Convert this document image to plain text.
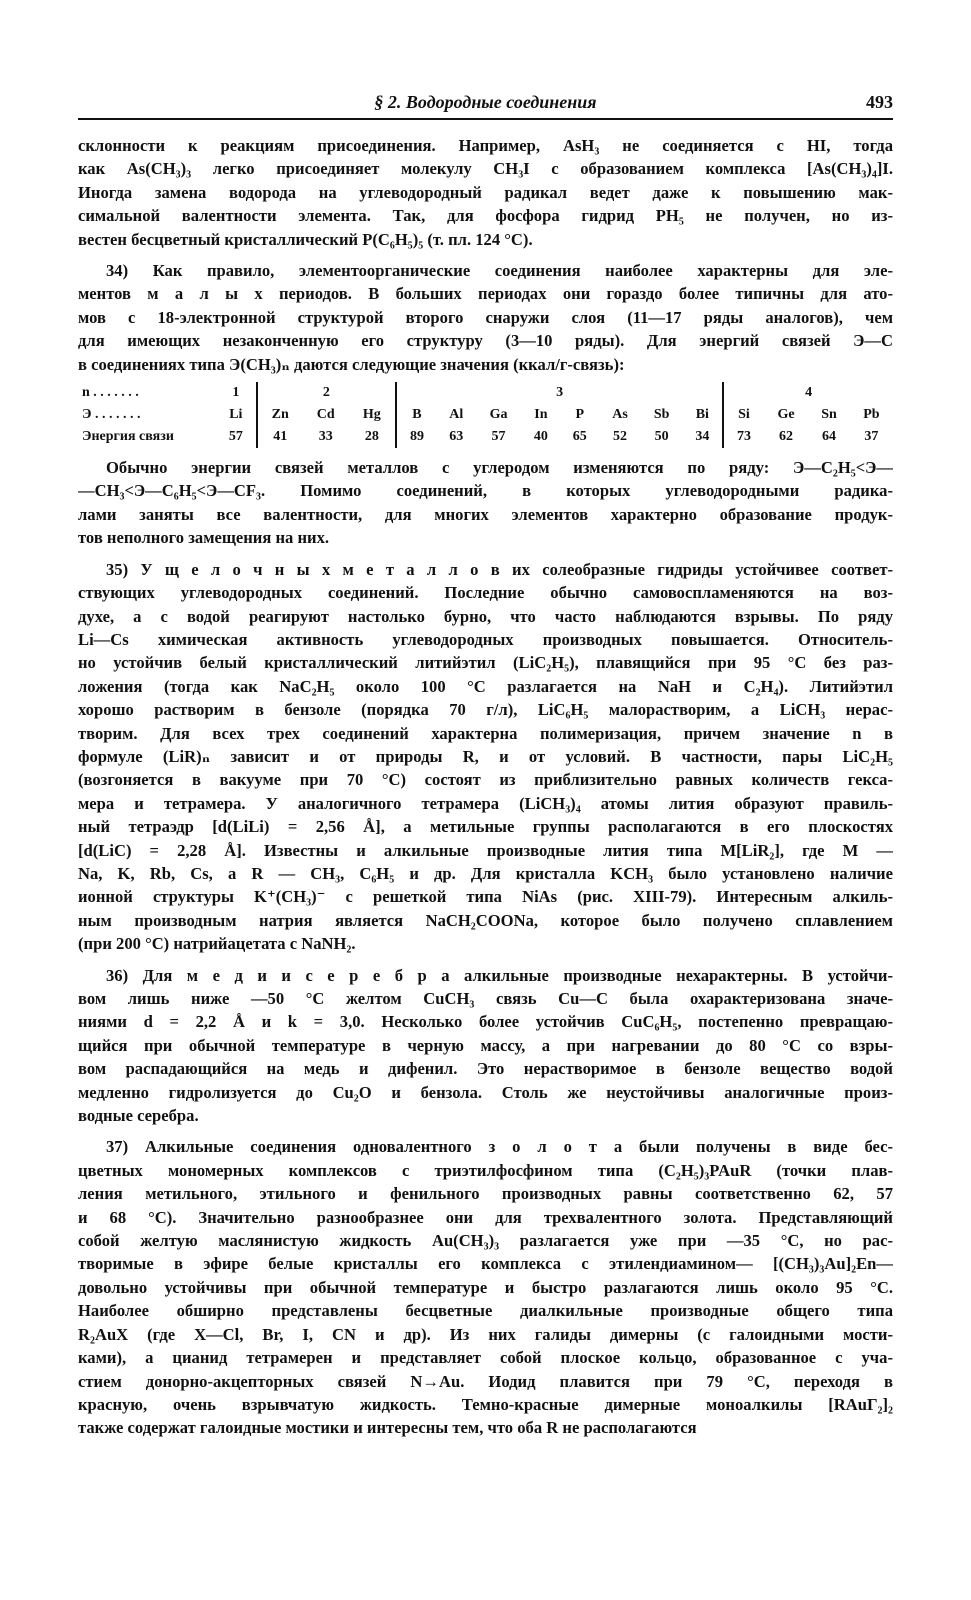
§ 2. Водородные соединения	493
склонности к реакциям присоединения. Например, AsH₃ не соединяется с HI, тогда
как As(CH₃)₃ легко присоединяет молекулу CH₃I с образованием комплекса [As(CH₃)₄]I.
Иногда замена водорода на углеводородный радикал ведет даже к повышению мак-
симальной валентности элемента. Так, для фосфора гидрид PH₅ не получен, но из-
вестен бесцветный кристаллический P(C₆H₅)₅ (т. пл. 124 °C).
34) Как правило, элементоорганические соединения наиболее характерны для эле-
ментов м а л ы х периодов. В больших периодах они гораздо более типичны для ато-
мов с 18-электронной структурой второго снаружи слоя (11—17 ряды аналогов), чем
для имеющих незаконченную его структуру (3—10 ряды). Для энергий связей Э—C
в соединениях типа Э(CH₃)ₙ даются следующие значения (ккал/г-связь):
n . . . . . . .	1	2			3								4			
Э . . . . . . .	Li	Zn	Cd	Hg	B	Al	Ga	In	P	As	Sb	Bi	Si	Ge	Sn	Pb
Энергия связи	57	41	33	28	89	63	57	40	65	52	50	34	73	62	64	37
Обычно энергии связей металлов с углеродом изменяются по ряду: Э—C₂H₅<Э—
—CH₃<Э—C₆H₅<Э—CF₃. Помимо соединений, в которых углеводородными радика-
лами заняты все валентности, для многих элементов характерно образование продук-
тов неполного замещения на них.
35) У щ е л о ч н ы х м е т а л л о в их солеобразные гидриды устойчивее соответ-
ствующих углеводородных соединений. Последние обычно самовоспламеняются на воз-
духе, а с водой реагируют настолько бурно, что часто наблюдаются взрывы. По ряду
Li—Cs химическая активность углеводородных производных повышается. Относитель-
но устойчив белый кристаллический литийэтил (LiC₂H₅), плавящийся при 95 °C без раз-
ложения (тогда как NaC₂H₅ около 100 °C разлагается на NaH и C₂H₄). Литийэтил
хорошо растворим в бензоле (порядка 70 г/л), LiC₆H₅ малорастворим, а LiCH₃ нерас-
творим. Для всех трех соединений характерна полимеризация, причем значение n в
формуле (LiR)ₙ зависит и от природы R, и от условий. В частности, пары LiC₂H₅
(возгоняется в вакууме при 70 °C) состоят из приблизительно равных количеств гекса-
мера и тетрамера. У аналогичного тетрамера (LiCH₃)₄ атомы лития образуют правиль-
ный тетраэдр [d(LiLi) = 2,56 Å], а метильные группы располагаются в его плоскостях
[d(LiC) = 2,28 Å]. Известны и алкильные производные лития типа M[LiR₂], где M —
Na, K, Rb, Cs, а R — CH₃, C₆H₅ и др. Для кристалла KCH₃ было установлено наличие
ионной структуры K⁺(CH₃)⁻ с решеткой типа NiAs (рис. XIII-79). Интересным алкиль-
ным производным натрия является NaCH₂COONa, которое было получено сплавлением
(при 200 °C) натрийацетата с NaNH₂.
36) Для м е д и и с е р е б р а алкильные производные нехарактерны. В устойчи-
вом лишь ниже —50 °C желтом CuCH₃ связь Cu—C была охарактеризована значе-
ниями d = 2,2 Å и k = 3,0. Несколько более устойчив CuC₆H₅, постепенно превращаю-
щийся при обычной температуре в черную массу, а при нагревании до 80 °C со взры-
вом распадающийся на медь и дифенил. Это нерастворимое в бензоле вещество водой
медленно гидролизуется до Cu₂O и бензола. Столь же неустойчивы аналогичные произ-
водные серебра.
37) Алкильные соединения одновалентного з о л о т а были получены в виде бес-
цветных мономерных комплексов с триэтилфосфином типа (C₂H₅)₃PAuR (точки плав-
ления метильного, этильного и фенильного производных равны соответственно 62, 57
и 68 °C). Значительно разнообразнее они для трехвалентного золота. Представляющий
собой желтую маслянистую жидкость Au(CH₃)₃ разлагается уже при —35 °C, но рас-
творимые в эфире белые кристаллы его комплекса с этилендиамином— [(CH₃)₃Au]₂En—
довольно устойчивы при обычной температуре и быстро разлагаются лишь около 95 °C.
Наиболее обширно представлены бесцветные диалкильные производные общего типа
R₂AuX (где X—Cl, Br, I, CN и др). Из них галиды димерны (с галоидными мости-
ками), а цианид тетрамерен и представляет собой плоское кольцо, образованное с уча-
стием донорно-акцепторных связей N→Au. Иодид плавится при 79 °C, переходя в
красную, очень взрывчатую жидкость. Темно-красные димерные моноалкилы [RAuГ₂]₂
также содержат галоидные мостики и интересны тем, что оба R не располагаются
